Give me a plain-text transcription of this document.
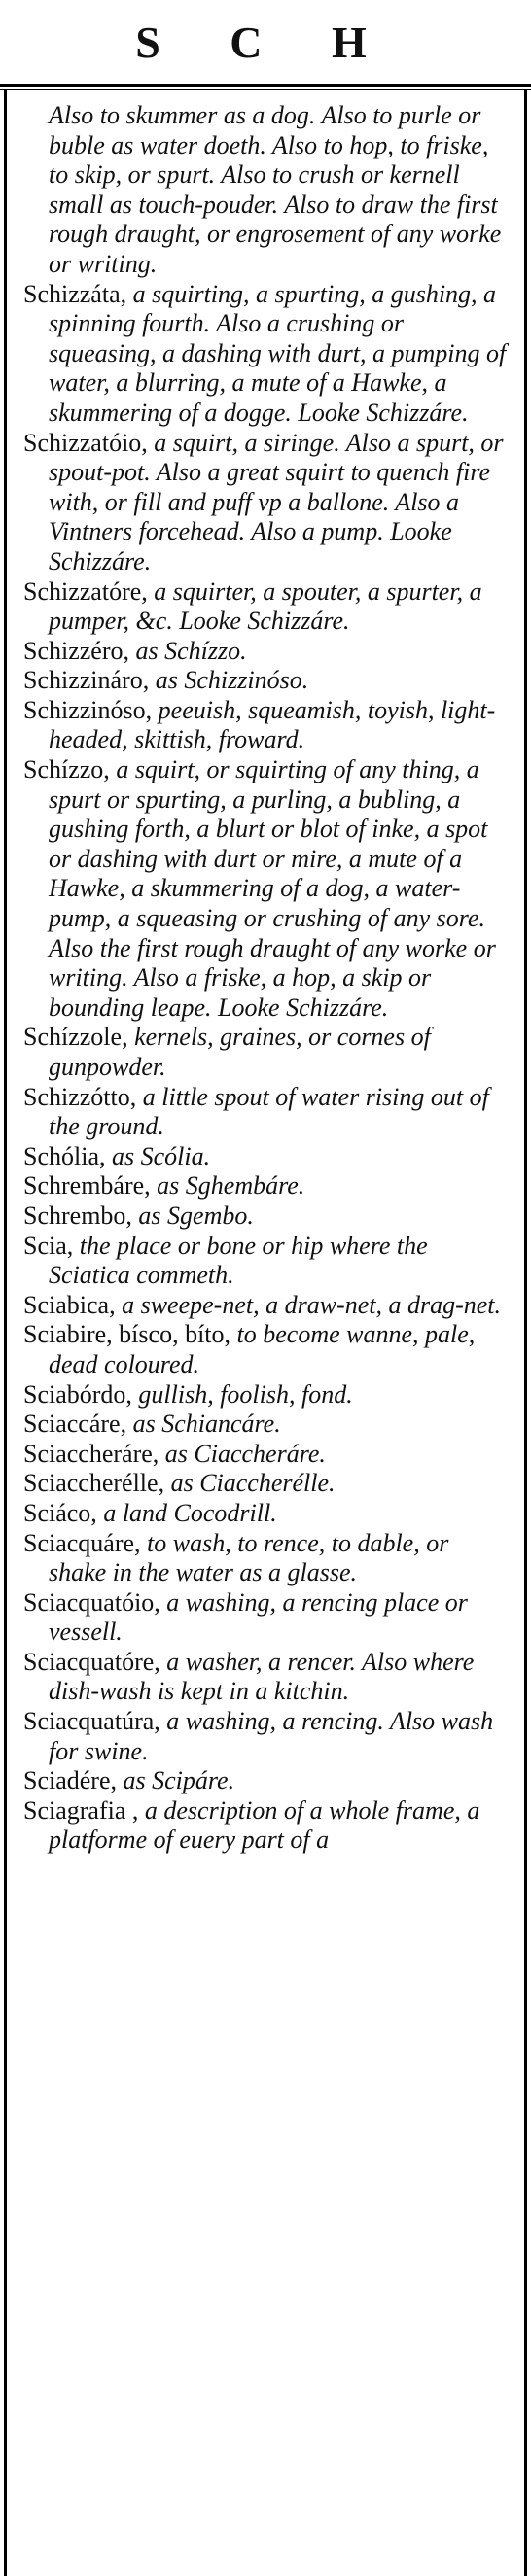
S C H

Also to skummer as a dog. Also to purle or buble as water doeth. Also to hop, to friske, to skip, or spurt. Also to crush or kernell small as touch-pouder. Also to draw the first rough draught, or engrosement of any worke or writing.

Schizzáta, a squirting, a spurting, a gushing, a spinning fourth. Also a crushing or squeasing, a dashing with durt, a pumping of water, a blurring, a mute of a Hawke, a skummering of a dogge. Looke Schizzáre.

Schizzatóio, a squirt, a siringe. Also a spurt, or spout-pot. Also a great squirt to quench fire with, or fill and puff vp a ballone. Also a Vintners forcehead. Also a pump. Looke Schizzáre.

Schizzatóre, a squirter, a spouter, a spurter, a pumper, &c. Looke Schizzáre.

Schizzéro, as Schízzo.

Schizzináro, as Schizzinóso.

Schizzinóso, peeuish, squeamish, toyish, light-headed, skittish, froward.

Schízzo, a squirt, or squirting of any thing, a spurt or spurting, a purling, a bubling, a gushing forth, a blurt or blot of inke, a spot or dashing with durt or mire, a mute of a Hawke, a skummering of a dog, a water-pump, a squeasing or crushing of any sore. Also the first rough draught of any worke or writing. Also a friske, a hop, a skip or bounding leape. Looke Schizzáre.

Schízzole, kernels, graines, or cornes of gunpowder.

Schizzótto, a little spout of water rising out of the ground.

Schólia, as Scólia.

Schrembáre, as Sghembáre.

Schrembo, as Sgembo.

Scia, the place or bone or hip where the Sciatica commeth.

Sciabica, a sweepe-net, a draw-net, a drag-net.

Sciabire, bísco, bíto, to become wanne, pale, dead coloured.

Sciabórdo, gullish, foolish, fond.

Sciaccáre, as Schiancáre.

Sciaccheráre, as Ciaccheráre.

Sciaccherélle, as Ciaccherélle.

Sciáco, a land Cocodrill.

Sciacquáre, to wash, to rence, to dable, or shake in the water as a glasse.

Sciacquatóio, a washing, a rencing place or vessell.

Sciacquatóre, a washer, a rencer. Also where dish-wash is kept in a kitchin.

Sciacquatúra, a washing, a rencing. Also wash for swine.

Sciadére, as Scipáre.

Sciagrafia , a description of a whole frame, a platforme of euery part of a
